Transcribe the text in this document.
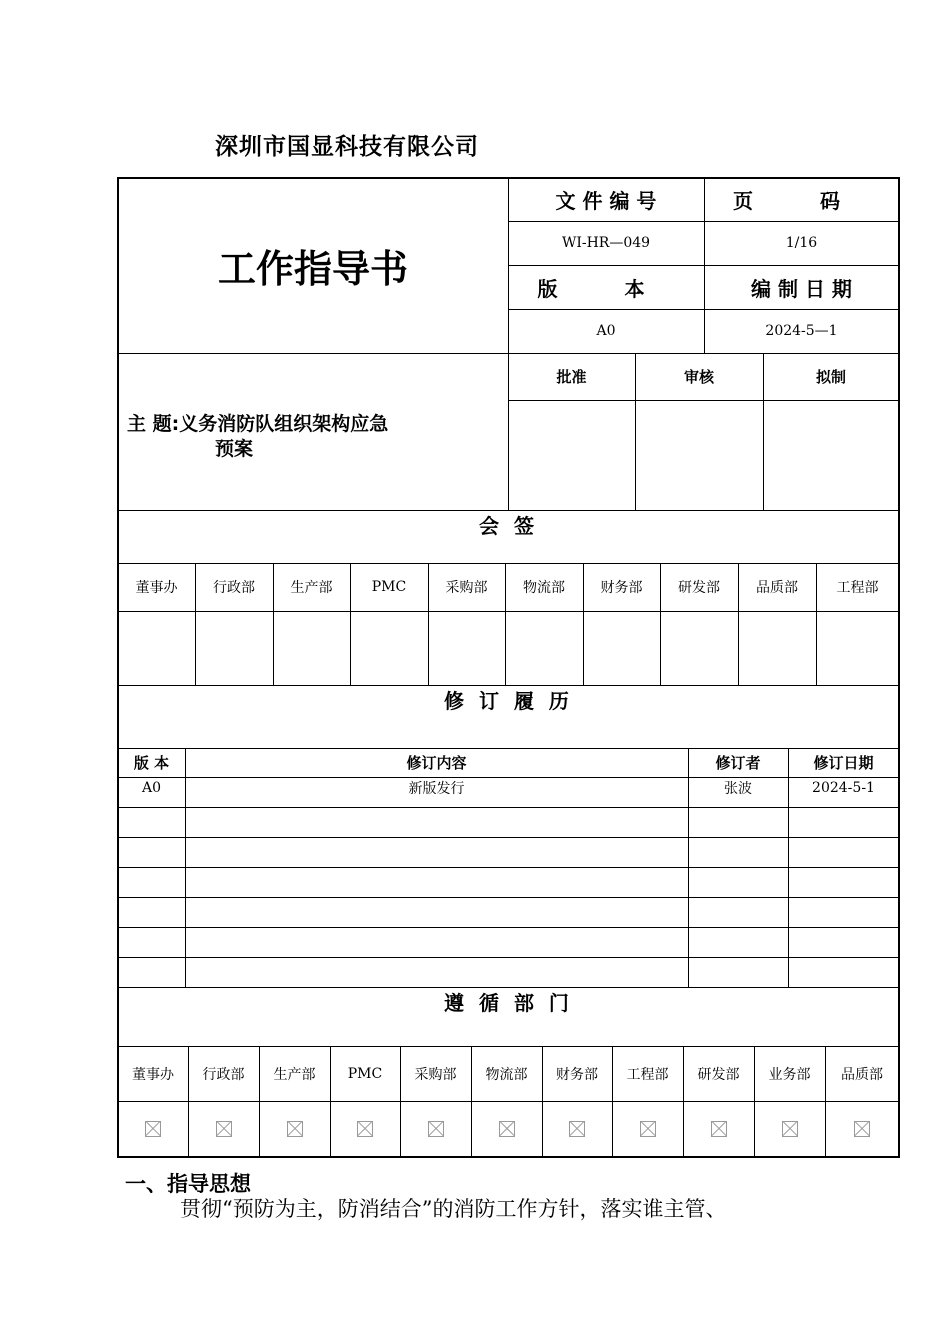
深圳市国显科技有限公司
工作指导书
文 件 编 号	页 码
WI-HR—049	1/16
版 本	编 制 日 期
A0	2024-5—1
主 题:义务消防队组织架构应急
预案
批准	审核	拟制
会 签
董事办	行政部	生产部	PMC	采购部	物流部	财务部	研发部	品质部	工程部
修 订 履 历
版 本	修订内容	修订者	修订日期
A0	新版发行	张波	2024-5-1
遵 循 部 门
董事办	行政部	生产部	PMC	采购部	物流部	财务部	工程部	研发部	业务部	品质部
一、指导思想
贯彻“预防为主，防消结合”的消防工作方针，落实谁主管、
